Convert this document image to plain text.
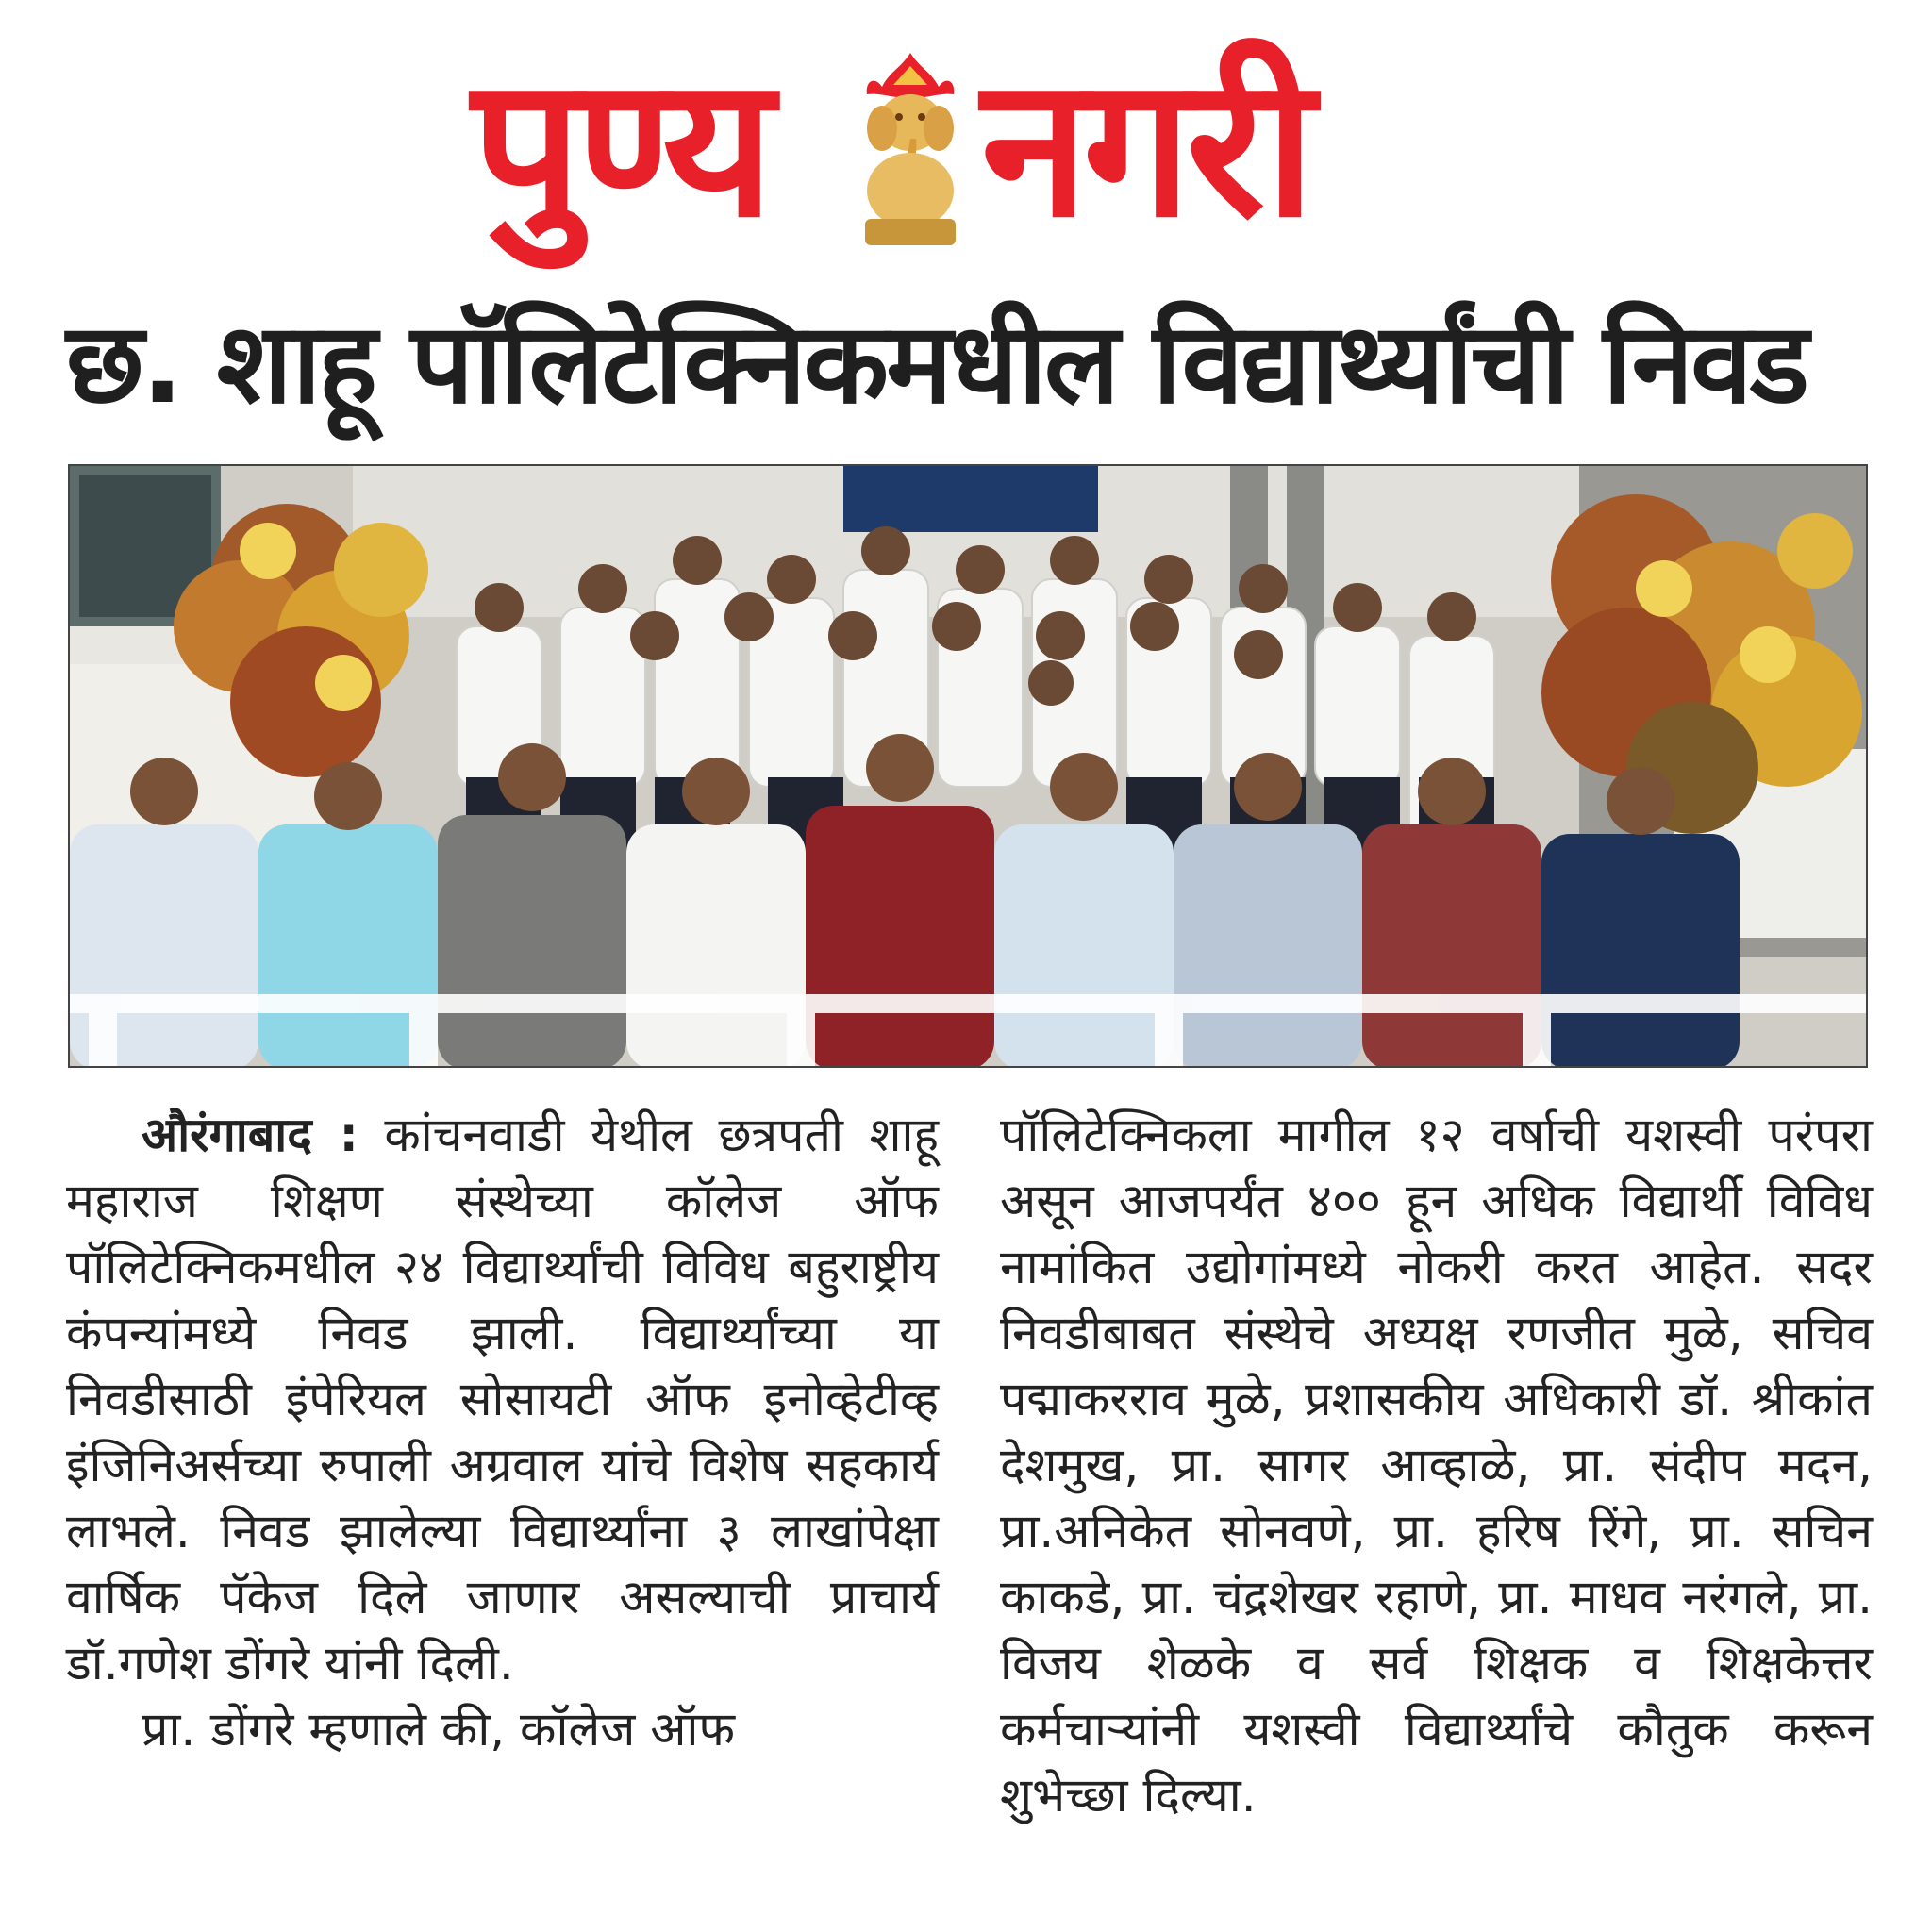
पुण्य नगरी
छ. शाहू पॉलिटेक्निकमधील विद्यार्थ्यांची निवड

औरंगाबाद : कांचनवाडी येथील छत्रपती शाहू महाराज शिक्षण संस्थेच्या कॉलेज ऑफ पॉलिटेक्निकमधील २४ विद्यार्थ्यांची विविध बहुराष्ट्रीय कंपन्यांमध्ये निवड झाली. विद्यार्थ्यांच्या या निवडीसाठी इंपेरियल सोसायटी ऑफ इनोव्हेटीव्ह इंजिनिअर्सच्या रुपाली अग्रवाल यांचे विशेष सहकार्य लाभले. निवड झालेल्या विद्यार्थ्यांना ३ लाखांपेक्षा वार्षिक पॅकेज दिले जाणार असल्याची प्राचार्य डॉ.गणेश डोंगरे यांनी दिली.

प्रा. डोंगरे म्हणाले की, कॉलेज ऑफ

पॉलिटेक्निकला मागील १२ वर्षाची यशस्वी परंपरा असून आजपर्यंत ४०० हून अधिक विद्यार्थी विविध नामांकित उद्योगांमध्ये नोकरी करत आहेत. सदर निवडीबाबत संस्थेचे अध्यक्ष रणजीत मुळे, सचिव पद्माकरराव मुळे, प्रशासकीय अधिकारी डॉ. श्रीकांत देशमुख, प्रा. सागर आव्हाळे, प्रा. संदीप मदन, प्रा.अनिकेत सोनवणे, प्रा. हरिष रिंगे, प्रा. सचिन काकडे, प्रा. चंद्रशेखर रहाणे, प्रा. माधव नरंगले, प्रा. विजय शेळके व सर्व शिक्षक व शिक्षकेत्तर कर्मचाऱ्यांनी यशस्वी विद्यार्थ्यांचे कौतुक करून शुभेच्छा दिल्या.
